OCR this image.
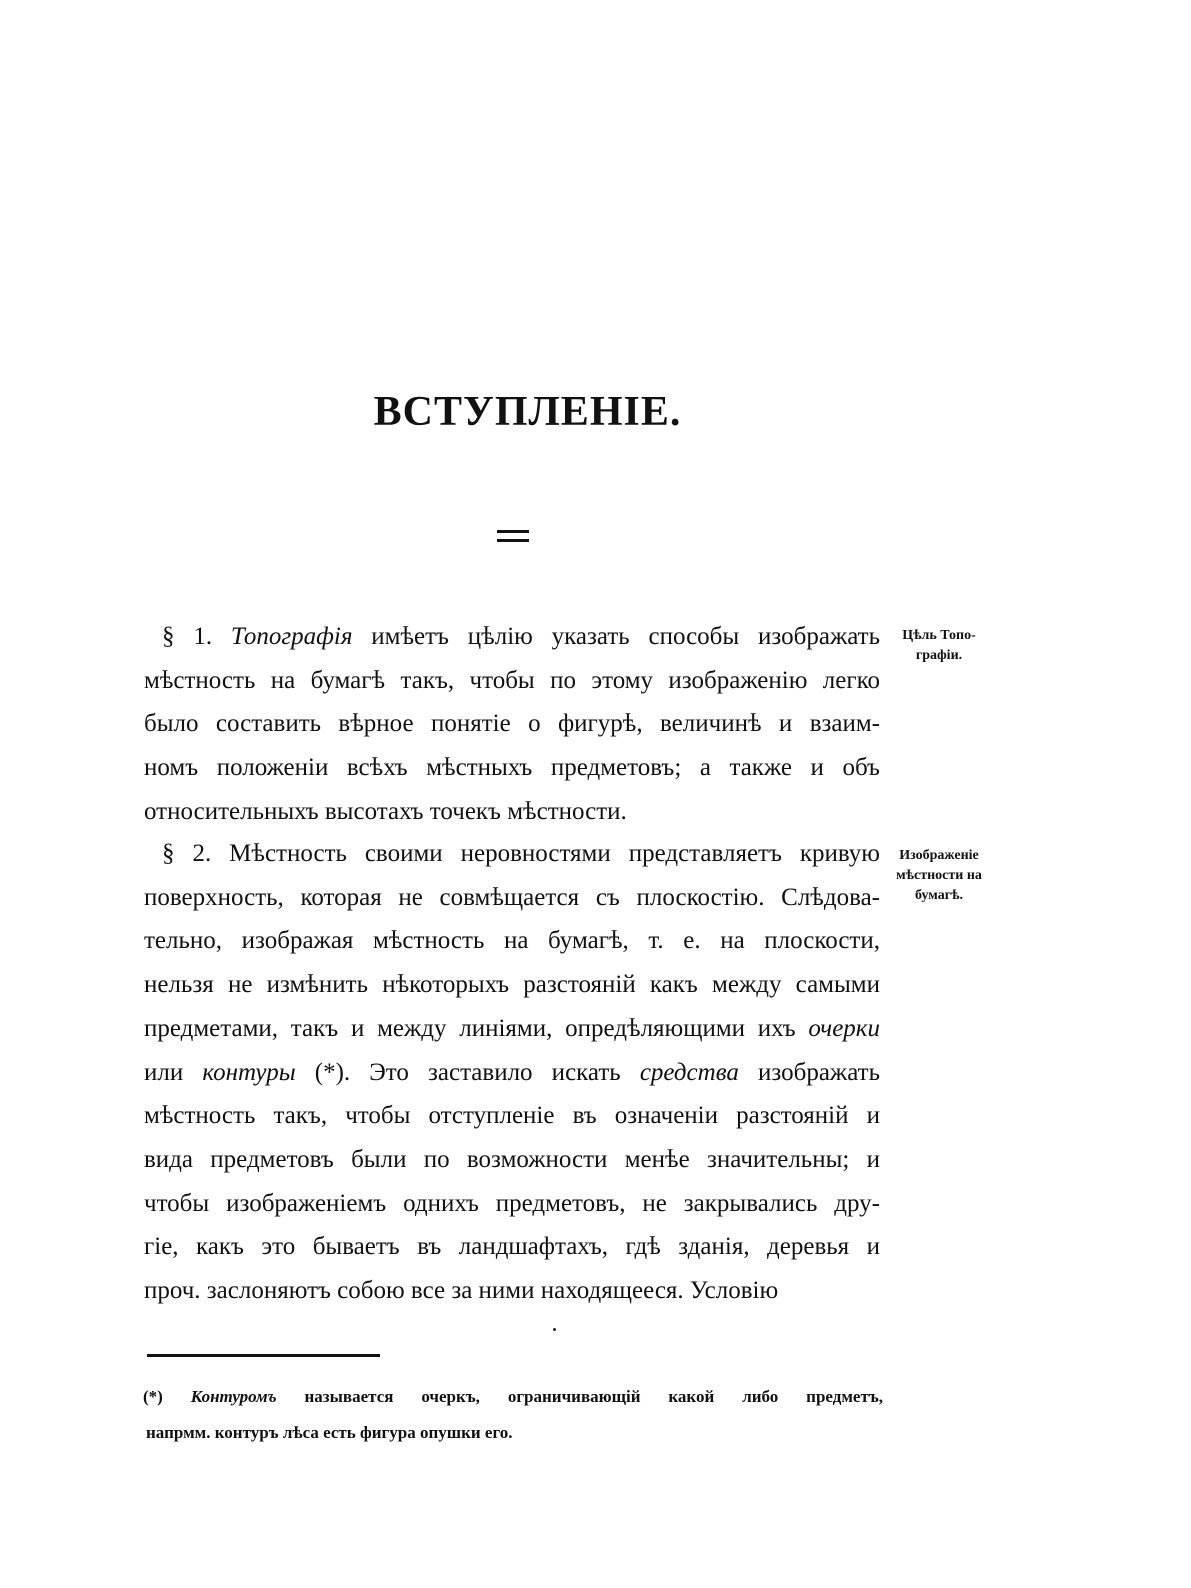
ВСТУПЛЕНІЕ.
§ 1. Топографія имѣетъ цѣлію указать способы изображать
мѣстность на бумагѣ такъ, чтобы по этому изображенію легко
было составить вѣрное понятіе о фигурѣ, величинѣ и взаим-
номъ положеніи всѣхъ мѣстныхъ предметовъ; а также и объ
относительныхъ высотахъ точекъ мѣстности.
§ 2. Мѣстность своими неровностями представляетъ кривую
поверхность, которая не совмѣщается съ плоскостію. Слѣдова-
тельно, изображая мѣстность на бумагѣ, т. е. на плоскости,
нельзя не измѣнить нѣкоторыхъ разстояній какъ между самыми
предметами, такъ и между линіями, опредѣляющими ихъ очерки
или контуры (*). Это заставило искать средства изображать
мѣстность такъ, чтобы отступленіе въ означеніи разстояній и
вида предметовъ были по возможности менѣе значительны; и
чтобы изображеніемъ однихъ предметовъ, не закрывались дру-
гіе, какъ это бываетъ въ ландшафтахъ, гдѣ зданія, деревья и
проч. заслоняютъ собою все за ними находящееся. Условію
Цѣль Топо-
графіи.
Изображеніе
мѣстности на
бумагѣ.
(*) Контуромъ называется очеркъ, ограничивающій какой либо предметъ,
напрмм. контуръ лѣса есть фигура опушки его.
